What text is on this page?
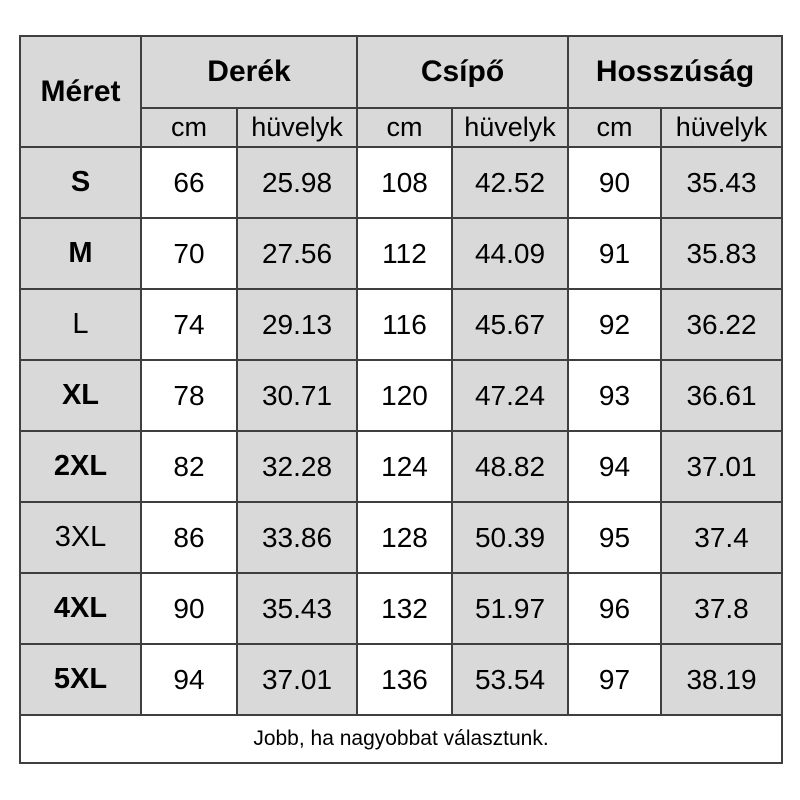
Méret	Derék		Csípő		Hosszúság	
	cm	hüvelyk	cm	hüvelyk	cm	hüvelyk
S	66	25.98	108	42.52	90	35.43
M	70	27.56	112	44.09	91	35.83
L	74	29.13	116	45.67	92	36.22
XL	78	30.71	120	47.24	93	36.61
2XL	82	32.28	124	48.82	94	37.01
3XL	86	33.86	128	50.39	95	37.4
4XL	90	35.43	132	51.97	96	37.8
5XL	94	37.01	136	53.54	97	38.19
Jobb, ha nagyobbat választunk.						
